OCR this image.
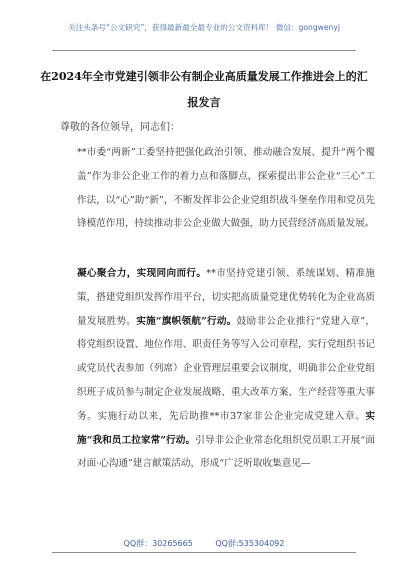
关注头条号“公文研究”，获得最新最全最专业的公文资料库！ 微信：gongwenyj
在2024年全市党建引领非公有制企业高质量发展工作推进会上的汇报发言
尊敬的各位领导，同志们：

**市委“两新”工委坚持把强化政治引领、推动融合发展、提升“两个覆盖”作为非公企业工作的着力点和落脚点，探索提出非公企业“三心”工作法，以“心”助“新”，不断发挥非公企业党组织战斗堡垒作用和党员先锋模范作用，持续推动非公企业做大做强，助力民营经济高质量发展。

凝心聚合力，实现同向而行。**市坚持党建引领、系统谋划、精准施策，搭建党组织发挥作用平台，切实把高质量党建优势转化为企业高质量发展胜势。实施“旗帜领航”行动。鼓励非公企业推行“党建入章”，将党组织设置、地位作用、职责任务等写入公司章程，实行党组织书记或党员代表参加（列席）企业管理层重要会议制度，明确非公企业党组织班子成员参与制定企业发展战略、重大改革方案、生产经营等重大事务。实施行动以来，先后助推**市37家非公企业完成党建入章。实施“我和员工拉家常”行动。引导非公企业常态化组织党员职工开展“面对面·心沟通”建言献策活动，形成“广泛听取收集意见—

QQ群：30265665	QQ群:535304092
